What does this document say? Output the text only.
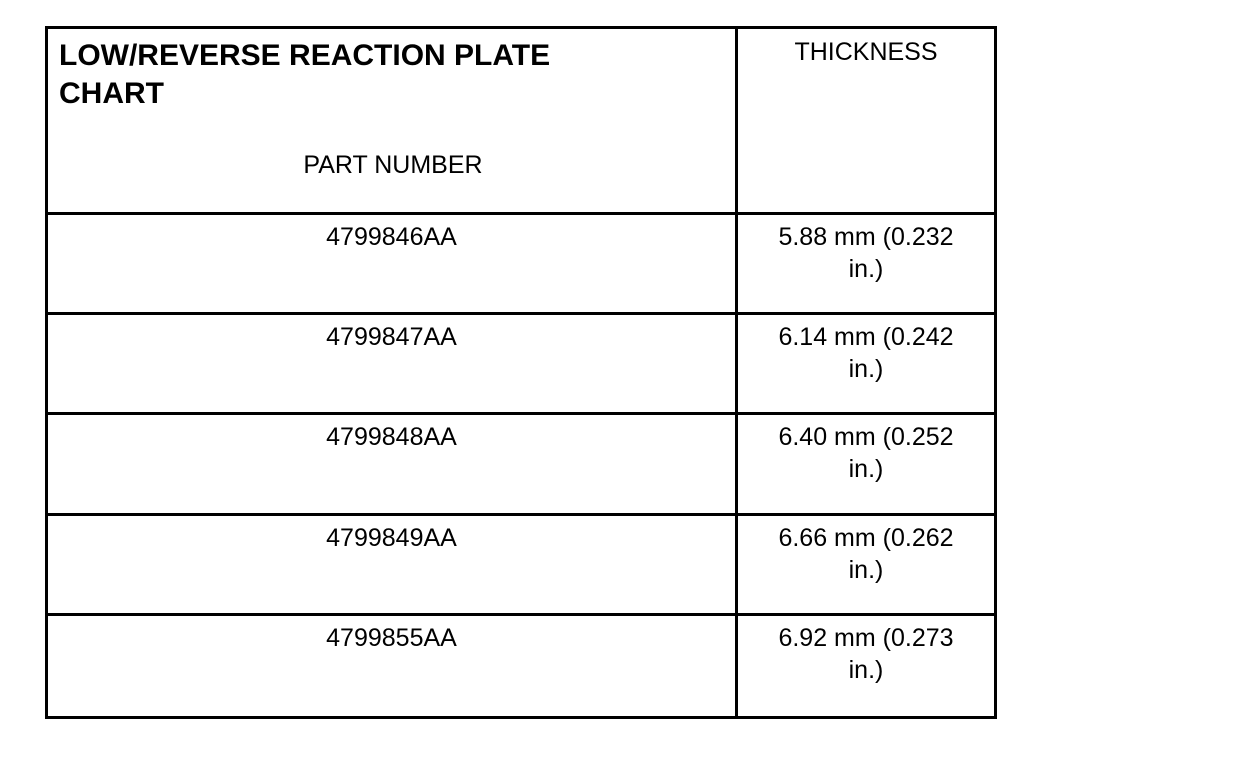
LOW/REVERSE REACTION PLATE CHART
PART NUMBER
THICKNESS
4799846AA	5.88 mm (0.232 in.)
4799847AA	6.14 mm (0.242 in.)
4799848AA	6.40 mm (0.252 in.)
4799849AA	6.66 mm (0.262 in.)
4799855AA	6.92 mm (0.273 in.)
